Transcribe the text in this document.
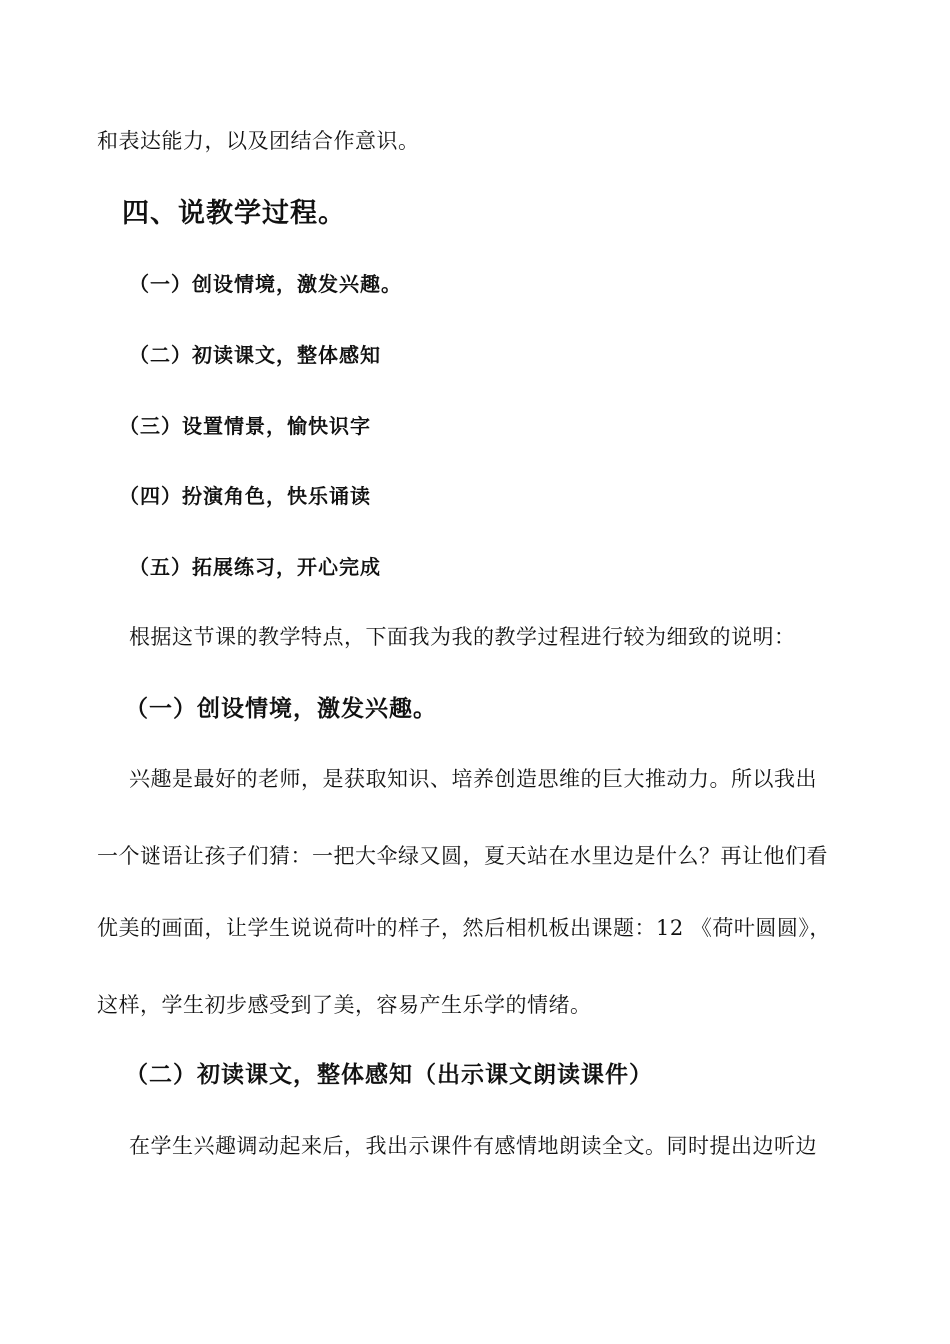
和表达能力，以及团结合作意识。

四、说教学过程。

（一）创设情境，激发兴趣。

（二）初读课文，整体感知

（三）设置情景，愉快识字

（四）扮演角色，快乐诵读

（五）拓展练习，开心完成

根据这节课的教学特点，下面我为我的教学过程进行较为细致的说明：

（一）创设情境，激发兴趣。

兴趣是最好的老师，是获取知识、培养创造思维的巨大推动力。所以我出

一个谜语让孩子们猜：一把大伞绿又圆，夏天站在水里边是什么？再让他们看

优美的画面，让学生说说荷叶的样子，然后相机板出课题：12 《荷叶圆圆》，

这样，学生初步感受到了美，容易产生乐学的情绪。

（二）初读课文，整体感知（出示课文朗读课件）

在学生兴趣调动起来后，我出示课件有感情地朗读全文。同时提出边听边
